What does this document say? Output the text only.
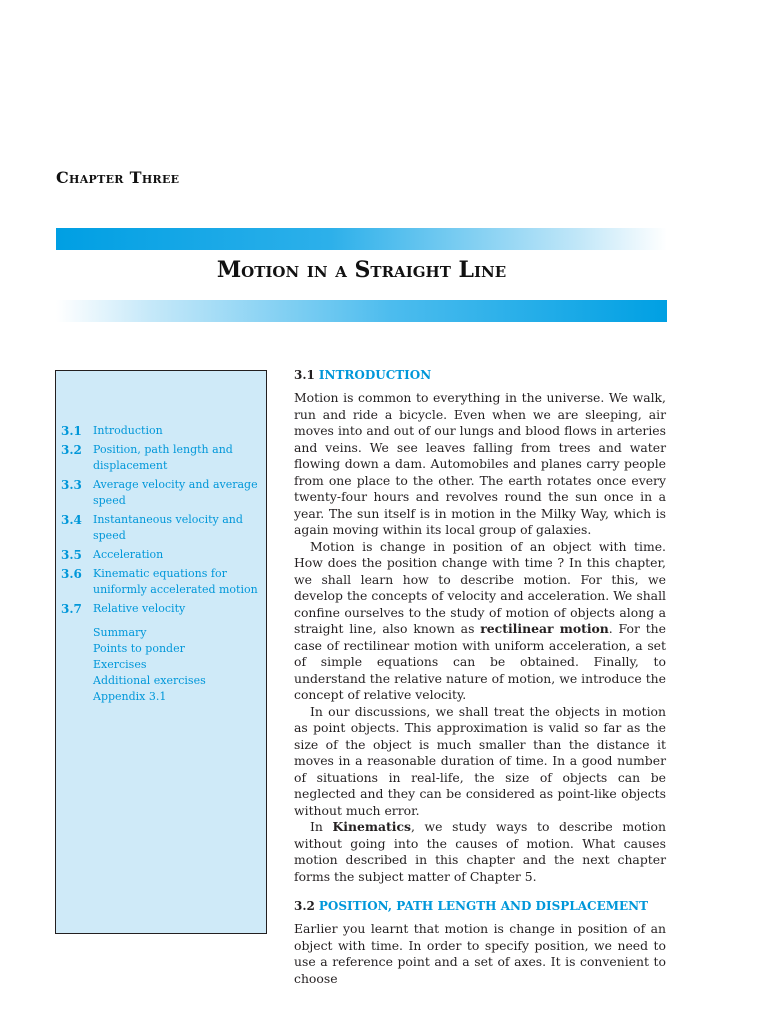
Chapter Three
Motion in a Straight Line
3.1	Introduction
3.2	Position, path length and displacement
3.3	Average velocity and average speed
3.4	Instantaneous velocity and speed
3.5	Acceleration
3.6	Kinematic equations for uniformly accelerated motion
3.7	Relative velocity
Summary
Points to ponder
Exercises
Additional exercises
Appendix 3.1
3.1 INTRODUCTION

Motion is common to everything in the universe. We walk, run and ride a bicycle. Even when we are sleeping, air moves into and out of our lungs and blood flows in arteries and veins. We see leaves falling from trees and water flowing down a dam. Automobiles and planes carry people from one place to the other. The earth rotates once every twenty-four hours and revolves round the sun once in a year. The sun itself is in motion in the Milky Way, which is again moving within its local group of galaxies.

Motion is change in position of an object with time. How does the position change with time ? In this chapter, we shall learn how to describe motion. For this, we develop the concepts of velocity and acceleration. We shall confine ourselves to the study of motion of objects along a straight line, also known as rectilinear motion. For the case of rectilinear motion with uniform acceleration, a set of simple equations can be obtained. Finally, to understand the relative nature of motion, we introduce the concept of relative velocity.

In our discussions, we shall treat the objects in motion as point objects. This approximation is valid so far as the size of the object is much smaller than the distance it moves in a reasonable duration of time. In a good number of situations in real-life, the size of objects can be neglected and they can be considered as point-like objects without much error.

In Kinematics, we study ways to describe motion without going into the causes of motion. What causes motion described in this chapter and the next chapter forms the subject matter of Chapter 5.

3.2 POSITION, PATH LENGTH AND DISPLACEMENT

Earlier you learnt that motion is change in position of an object with time. In order to specify position, we need to use a reference point and a set of axes. It is convenient to choose
